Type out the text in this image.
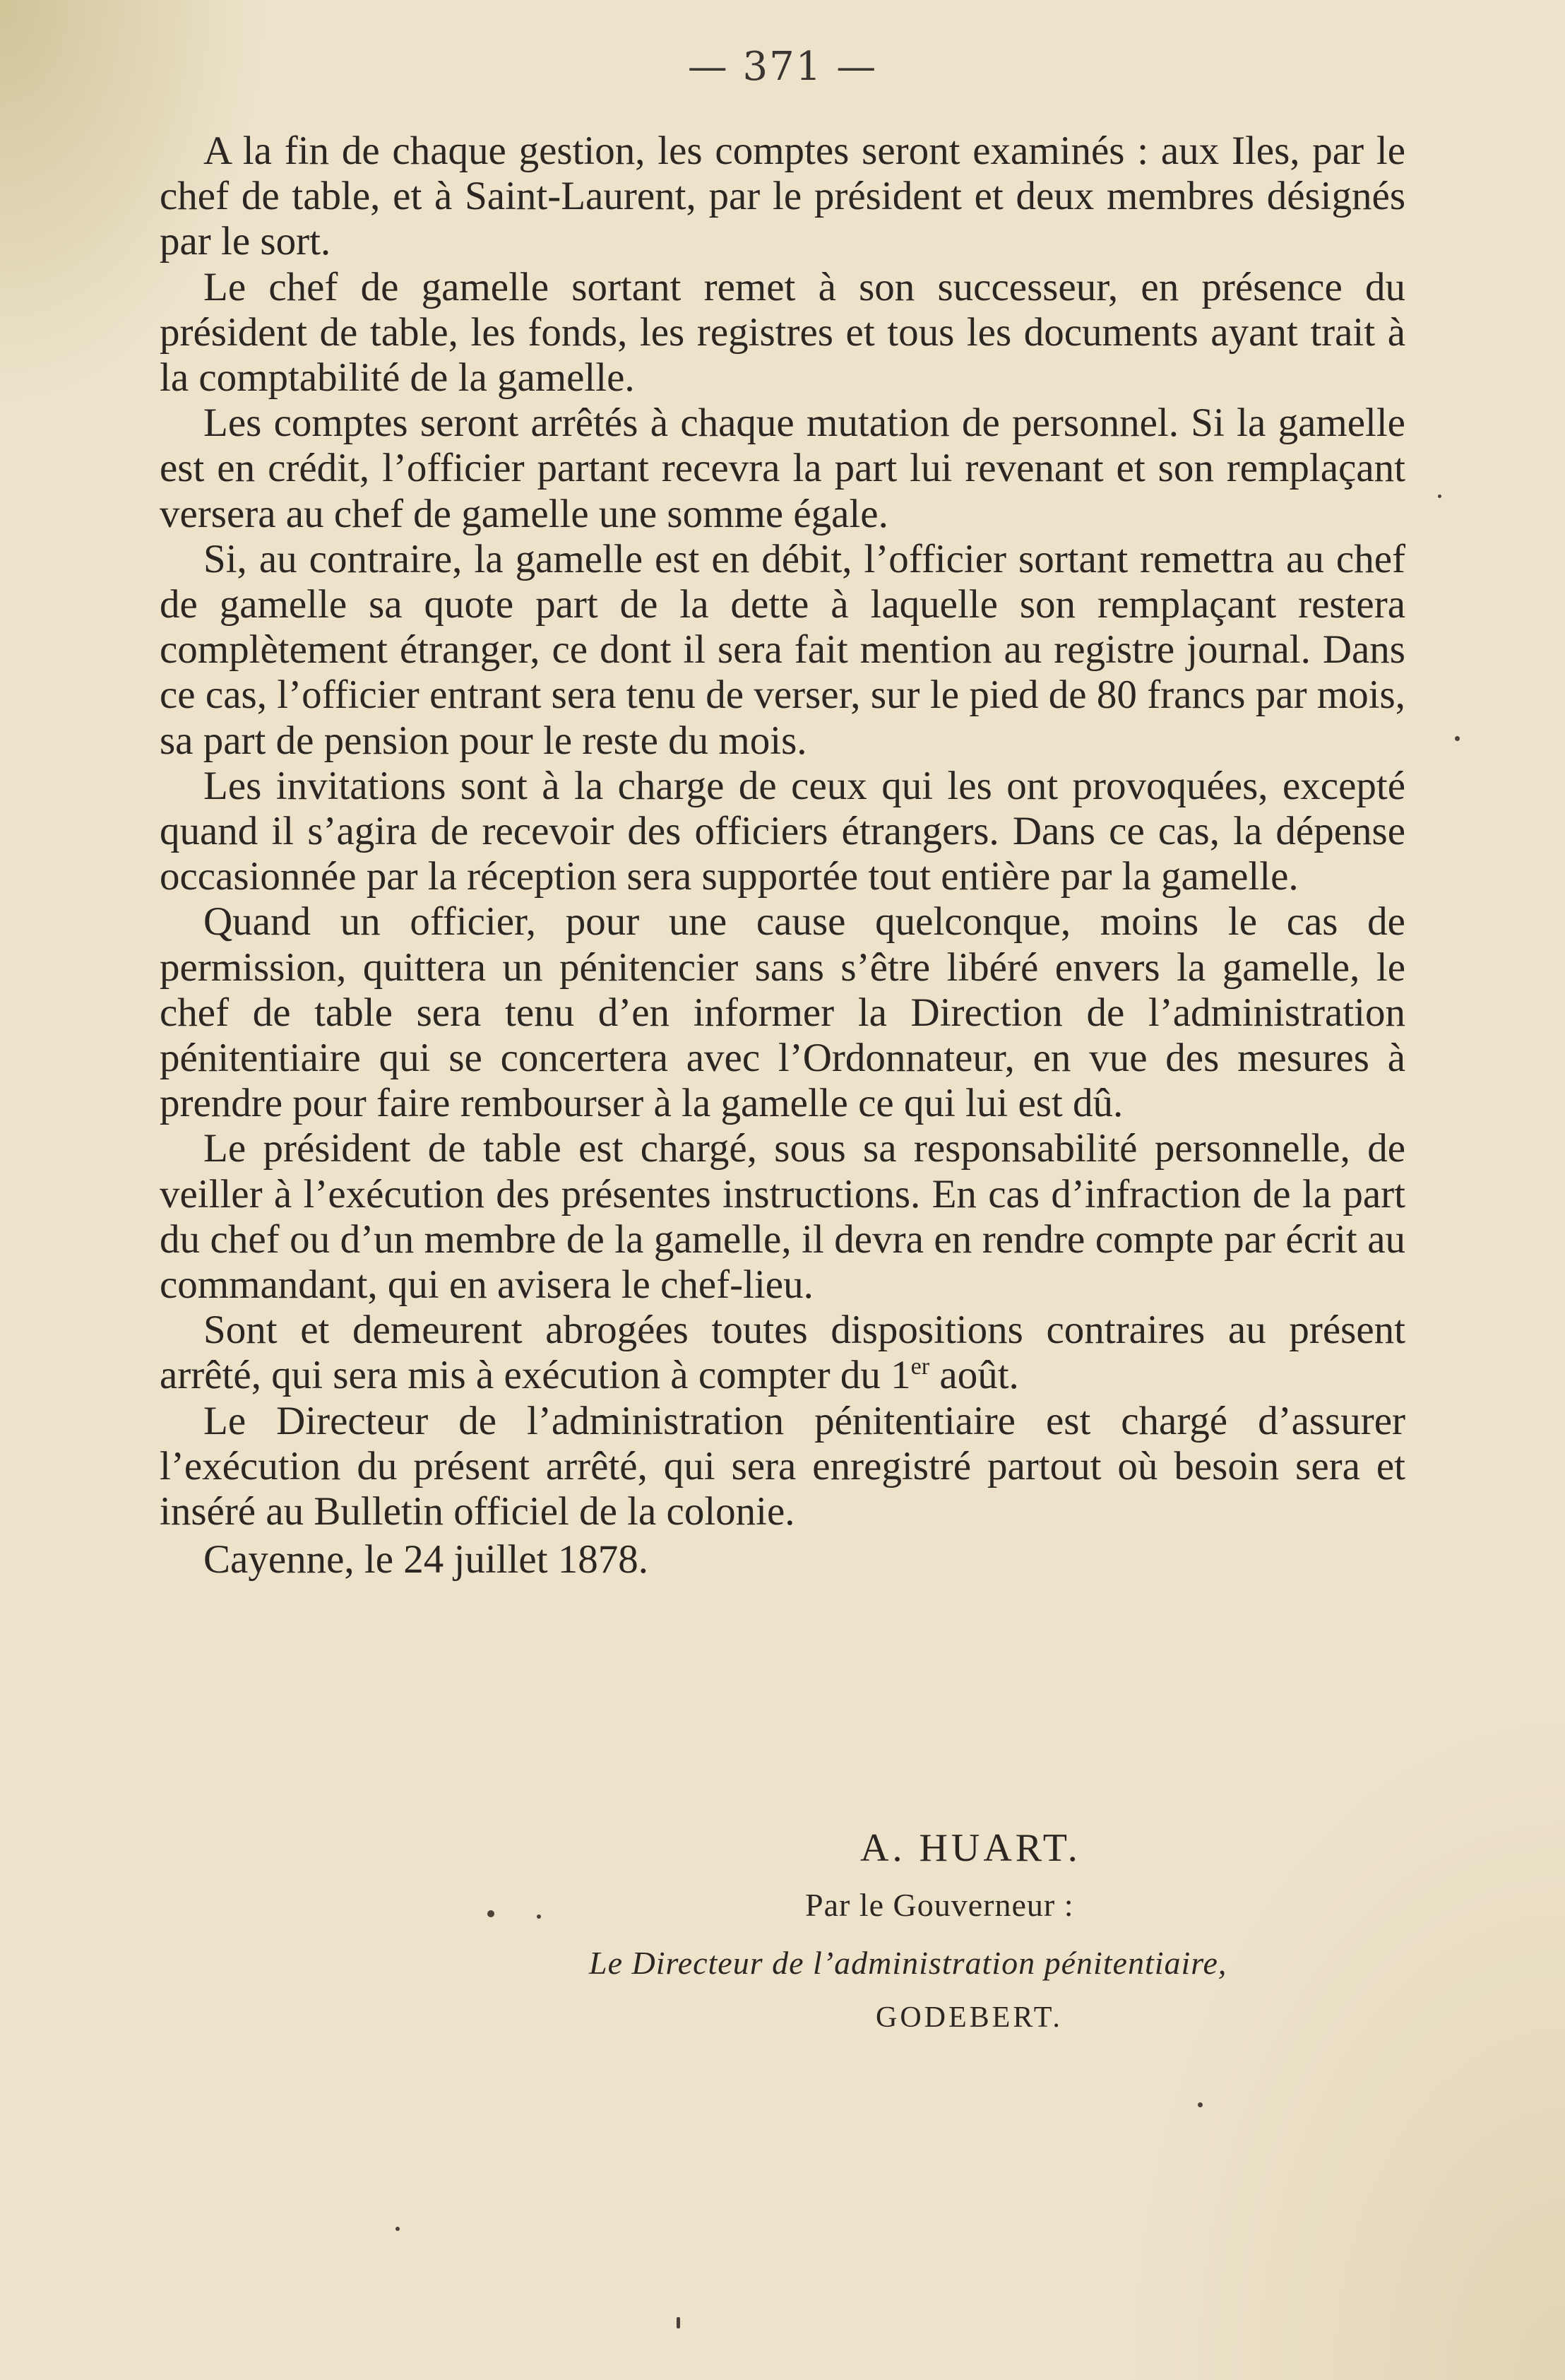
— 371 —

A la fin de chaque gestion, les comptes seront examinés : aux Iles, par le chef de table, et à Saint-Laurent, par le président et deux membres désignés par le sort.

Le chef de gamelle sortant remet à son successeur, en présence du président de table, les fonds, les registres et tous les documents ayant trait à la comptabilité de la gamelle.

Les comptes seront arrêtés à chaque mutation de personnel. Si la gamelle est en crédit, l’officier partant recevra la part lui revenant et son remplaçant versera au chef de gamelle une somme égale.

Si, au contraire, la gamelle est en débit, l’officier sortant remettra au chef de gamelle sa quote part de la dette à laquelle son remplaçant restera complètement étranger, ce dont il sera fait mention au registre journal. Dans ce cas, l’officier entrant sera tenu de verser, sur le pied de 80 francs par mois, sa part de pension pour le reste du mois.

Les invitations sont à la charge de ceux qui les ont provoquées, excepté quand il s’agira de recevoir des officiers étrangers. Dans ce cas, la dépense occasionnée par la réception sera supportée tout entière par la gamelle.

Quand un officier, pour une cause quelconque, moins le cas de permission, quittera un pénitencier sans s’être libéré envers la gamelle, le chef de table sera tenu d’en informer la Direction de l’administration pénitentiaire qui se concertera avec l’Ordonnateur, en vue des mesures à prendre pour faire rembourser à la gamelle ce qui lui est dû.

Le président de table est chargé, sous sa responsabilité personnelle, de veiller à l’exécution des présentes instructions. En cas d’infraction de la part du chef ou d’un membre de la gamelle, il devra en rendre compte par écrit au commandant, qui en avisera le chef-lieu.

Sont et demeurent abrogées toutes dispositions contraires au présent arrêté, qui sera mis à exécution à compter du 1er août.

Le Directeur de l’administration pénitentiaire est chargé d’assurer l’exécution du présent arrêté, qui sera enregistré partout où besoin sera et inséré au Bulletin officiel de la colonie.

Cayenne, le 24 juillet 1878.

A. HUART.
Par le Gouverneur :
Le Directeur de l’administration pénitentiaire,
GODEBERT.
